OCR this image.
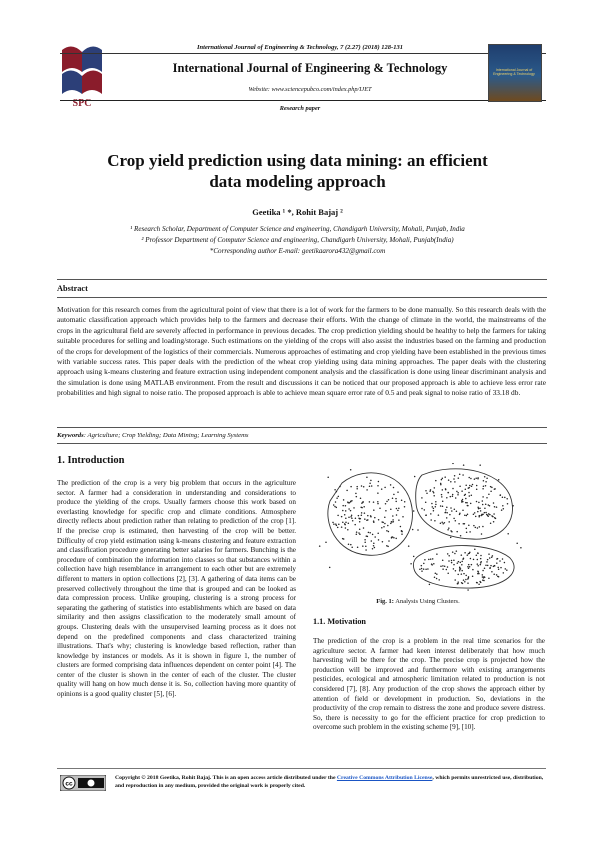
SPC
International Journal of Engineering & Technology, 7 (2.27) (2018) 128-131
International Journal of Engineering & Technology
Website: www.sciencepubco.com/index.php/IJET
Research paper
International Journal of Engineering & Technology
Crop yield prediction using data mining: an efficient
data modeling approach
Geetika ¹ *, Rohit Bajaj ²
¹ Research Scholar, Department of Computer Science and engineering, Chandigarh University, Mohali, Punjab, India
² Professor Department of Computer Science and engineering, Chandigarh University, Mohali, Punjab(India)
*Corresponding author E-mail: geetikaarora432@gmail.com
Abstract

Motivation for this research comes from the agricultural point of view that there is a lot of work for the farmers to be done manually. So this research deals with the automatic classification approach which provides help to the farmers and decrease their efforts. With the change of climate in the world, the mainstreams of the crops in the agricultural field are severely affected in performance in previous decades. The crop prediction yielding should be healthy to help the farmers for taking suitable procedures for selling and loading/storage. Such estimations on the yielding of the crops will also assist the industries based on the farming and production of the crops for development of the logistics of their commercials. Numerous approaches of estimating and crop yielding have been established in the previous times with variable success rates. This paper deals with the prediction of the wheat crop yielding using data mining approaches. The paper deals with the clustering approach using k-means clustering and feature extraction using independent component analysis and the classification is done using linear discriminant analysis and the simulation is done using MATLAB environment. From the result and discussions it can be noticed that our proposed approach is able to achieve less error rate probabilities and high signal to noise ratio. The proposed approach is able to achieve mean square error rate of 0.5 and peak signal to noise ratio of 33.18 db.

Keywords: Agriculture; Crop Yielding; Data Mining; Learning Systems
1. Introduction

The prediction of the crop is a very big problem that occurs in the agriculture sector. A farmer had a consideration in understanding and considerations to produce the yielding of the crops. Usually farmers choose this work based on everlasting knowledge for specific crop and climate conditions. Atmosphere directly reflects about prediction rather than relating to prediction of the crop [1]. If the precise crop is estimated, then harvesting of the crop will be better. Difficulty of crop yield estimation using k-means clustering and feature extraction and classification procedure generating better salaries for farmers. Bunching is the procedure of combination the information into classes so that substances within a collection have high resemblance in arrangement to each other but are extremely different to matters in option collections [2], [3]. A gathering of data items can be preserved collectively throughout the time that is grouped and can be looked as data compression process. Unlike grouping, clustering is a strong process for separating the gathering of statistics into establishments which are based on data similarity and then assigns classification to the moderately small amount of groups. Clustering deals with the unsupervised learning process as it does not depend on the predefined components and class characterized training illustrations. That's why; clustering is knowledge based reflection, rather than knowledge by instances or models. As it is shown in figure 1, the number of clusters are formed comprising data influences dependent on center point [4]. The center of the cluster is shown in the center of each of the cluster. The cluster quality will hang on how much dense it is. So, collection having more quantity of opinions is a good quality cluster [5], [6].

Fig. 1: Analysis Using Clusters.
1.1. Motivation

The prediction of the crop is a problem in the real time scenarios for the agriculture sector. A farmer had keen interest deliberately that how much harvesting will be there for the crop. The precise crop is projected how the production will be improved and furthermore with existing arrangements pesticides, ecological and atmospheric limitation related to production is not considered [7], [8]. Any production of the crop shows the approach either by attention of field or development in production. So, deviations in the productivity of the crop remain to distress the zone and produce severe distress. So, there is necessity to go for the efficient practice for crop prediction to overcome such problem in the existing scheme [9], [10].

cc
Copyright © 2018 Geetika, Rohit Bajaj. This is an open access article distributed under the Creative Commons Attribution License, which permits unrestricted use, distribution, and reproduction in any medium, provided the original work is properly cited.
